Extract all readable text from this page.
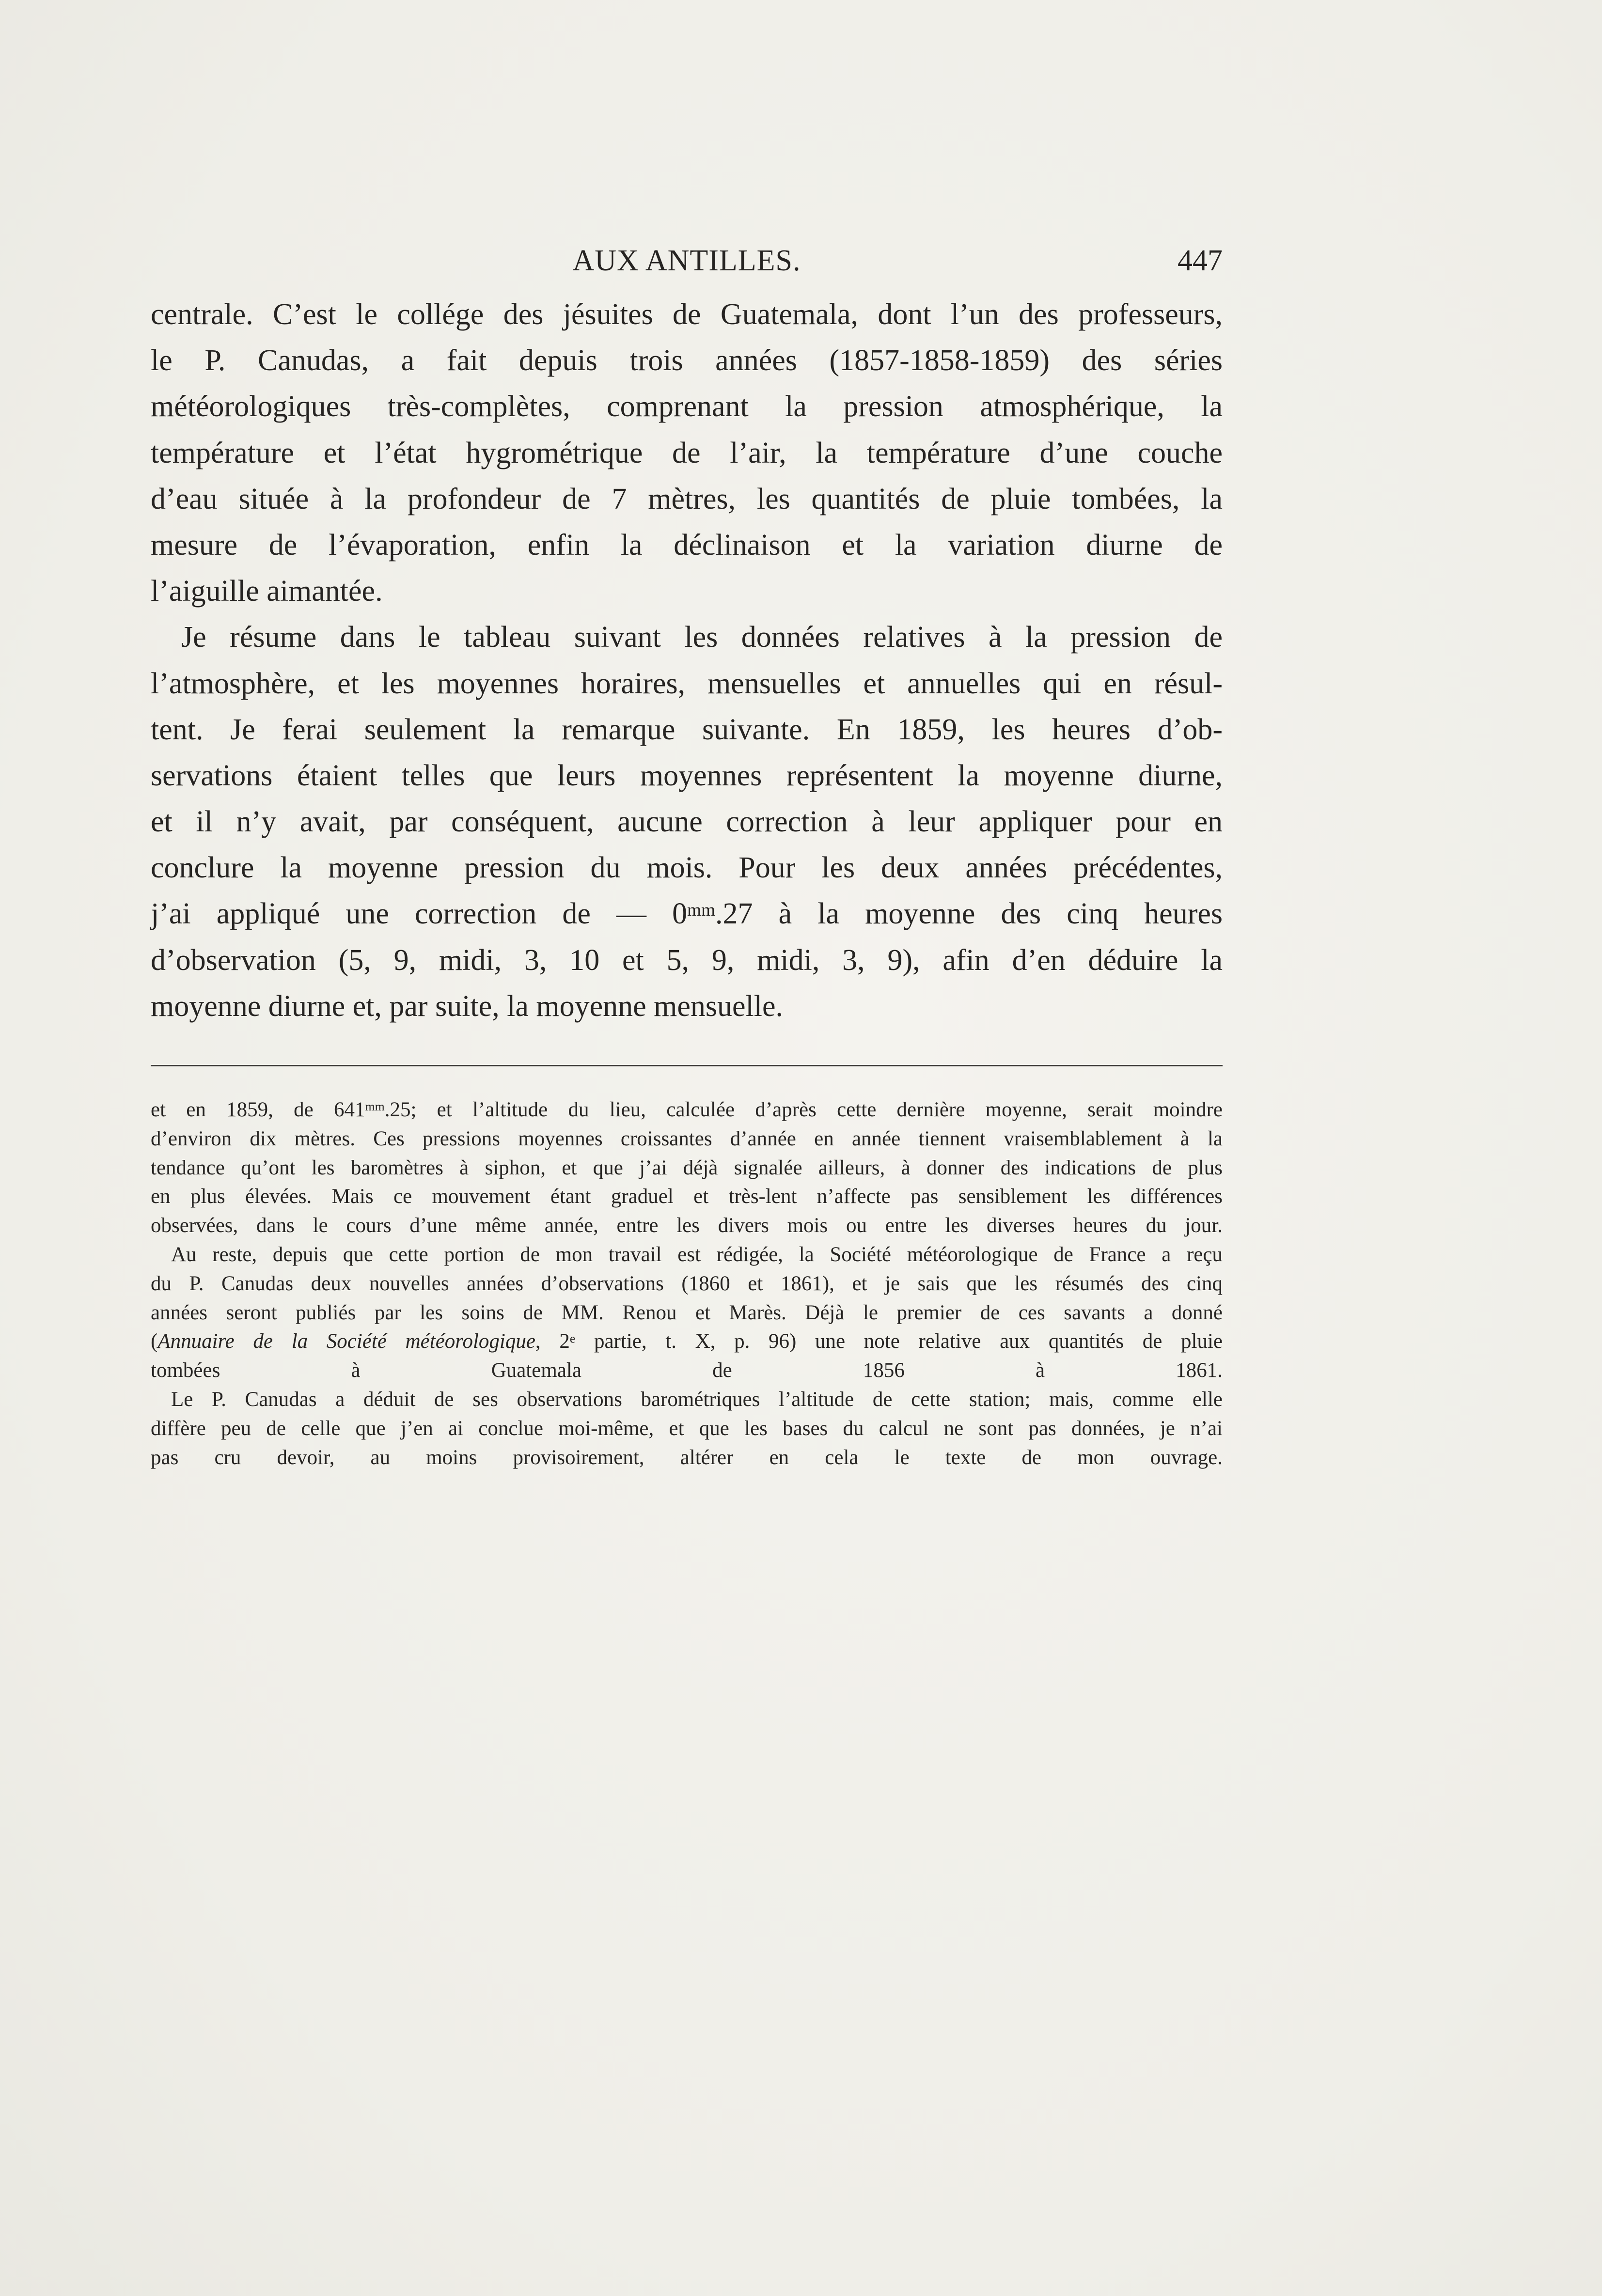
AUX ANTILLES.	447
centrale. C’est le collége des jésuites de Guatemala, dont l’un des professeurs,
le P. Canudas, a fait depuis trois années (1857-1858-1859) des séries
météorologiques très-complètes, comprenant la pression atmosphérique, la
température et l’état hygrométrique de l’air, la température d’une couche
d’eau située à la profondeur de 7 mètres, les quantités de pluie tombées, la
mesure de l’évaporation, enfin la déclinaison et la variation diurne de
l’aiguille aimantée.
Je résume dans le tableau suivant les données relatives à la pression de
l’atmosphère, et les moyennes horaires, mensuelles et annuelles qui en résul-
tent. Je ferai seulement la remarque suivante. En 1859, les heures d’ob-
servations étaient telles que leurs moyennes représentent la moyenne diurne,
et il n’y avait, par conséquent, aucune correction à leur appliquer pour en
conclure la moyenne pression du mois. Pour les deux années précédentes,
j’ai appliqué une correction de — $0^{mm}.27$ à la moyenne des cinq heures
d’observation (5, 9, midi, 3, 10 et 5, 9, midi, 3, 9), afin d’en déduire la
moyenne diurne et, par suite, la moyenne mensuelle.
et en 1859, de $641^{mm}.25$; et l’altitude du lieu, calculée d’après cette dernière moyenne, serait moindre
d’environ dix mètres. Ces pressions moyennes croissantes d’année en année tiennent vraisemblablement à la
tendance qu’ont les baromètres à siphon, et que j’ai déjà signalée ailleurs, à donner des indications de plus
en plus élevées. Mais ce mouvement étant graduel et très-lent n’affecte pas sensiblement les différences
observées, dans le cours d’une même année, entre les divers mois ou entre les diverses heures du jour.
Au reste, depuis que cette portion de mon travail est rédigée, la Société météorologique de France a reçu
du P. Canudas deux nouvelles années d’observations (1860 et 1861), et je sais que les résumés des cinq
années seront publiés par les soins de MM. Renou et Marès. Déjà le premier de ces savants a donné
(Annuaire de la Société météorologique, 2e partie, t. X, p. 96) une note relative aux quantités de pluie
tombées à Guatemala de 1856 à 1861.
Le P. Canudas a déduit de ses observations barométriques l’altitude de cette station; mais, comme elle
diffère peu de celle que j’en ai conclue moi-même, et que les bases du calcul ne sont pas données, je n’ai
pas cru devoir, au moins provisoirement, altérer en cela le texte de mon ouvrage.
